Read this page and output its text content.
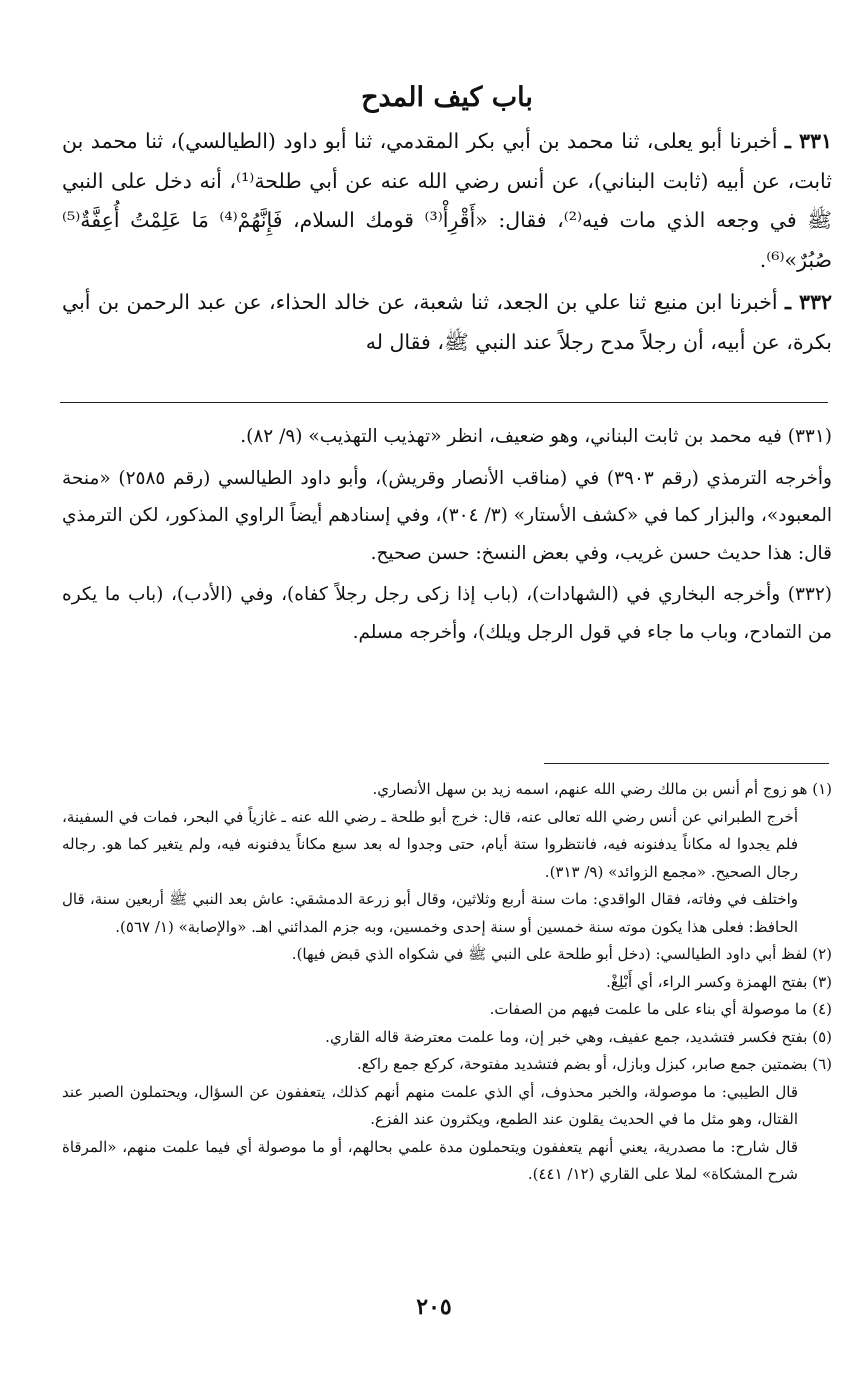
باب كيف المدح

٣٣١ ـ أخبرنا أبو يعلى، ثنا محمد بن أبي بكر المقدمي، ثنا أبو داود (الطيالسي)، ثنا محمد بن ثابت، عن أبيه (ثابت البناني)، عن أنس رضي الله عنه عن أبي طلحة⁽¹⁾، أنه دخل على النبي ﷺ في وجعه الذي مات فيه⁽²⁾، فقال: «أَقْرِأْ⁽³⁾ قومك السلام، فَإِنَّهُمْ⁽⁴⁾ مَا عَلِمْتُ أُعِفَّةٌ⁽⁵⁾ صُبُرٌ»⁽⁶⁾.

٣٣٢ ـ أخبرنا ابن منيع ثنا علي بن الجعد، ثنا شعبة، عن خالد الحذاء، عن عبد الرحمن بن أبي بكرة، عن أبيه، أن رجلاً مدح رجلاً عند النبي ﷺ، فقال له

(٣٣١) فيه محمد بن ثابت البناني، وهو ضعيف، انظر «تهذيب التهذيب» (٩/ ٨٢).

وأخرجه الترمذي (رقم ٣٩٠٣) في (مناقب الأنصار وقريش)، وأبو داود الطيالسي (رقم ٢٥٨٥) «منحة المعبود»، والبزار كما في «كشف الأستار» (٣/ ٣٠٤)، وفي إسنادهم أيضاً الراوي المذكور، لكن الترمذي قال: هذا حديث حسن غريب، وفي بعض النسخ: حسن صحيح.

(٣٣٢) وأخرجه البخاري في (الشهادات)، (باب إذا زكى رجل رجلاً كفاه)، وفي (الأدب)، (باب ما يكره من التمادح، وباب ما جاء في قول الرجل ويلك)، وأخرجه مسلم.

(١) هو زوج أم أنس بن مالك رضي الله عنهم، اسمه زيد بن سهل الأنصاري.

أخرج الطبراني عن أنس رضي الله تعالى عنه، قال: خرج أبو طلحة ـ رضي الله عنه ـ غازياً في البحر، فمات في السفينة، فلم يجدوا له مكاناً يدفنونه فيه، فانتظروا ستة أيام، حتى وجدوا له بعد سبع مكاناً يدفنونه فيه، ولم يتغير كما هو. رجاله رجال الصحيح. «مجمع الزوائد» (٩/ ٣١٣).

واختلف في وفاته، فقال الواقدي: مات سنة أربع وثلاثين، وقال أبو زرعة الدمشقي: عاش بعد النبي ﷺ أربعين سنة، قال الحافظ: فعلى هذا يكون موته سنة خمسين أو سنة إحدى وخمسين، وبه جزم المدائني اهـ. «والإصابة» (١/ ٥٦٧).

(٢) لفظ أبي داود الطيالسي: (دخل أبو طلحة على النبي ﷺ في شكواه الذي قبض فيها).

(٣) بفتح الهمزة وكسر الراء، أي أَبْلِغْ.

(٤) ما موصولة أي بناء على ما علمت فيهم من الصفات.

(٥) بفتح فكسر فتشديد، جمع عفيف، وهي خبر إن، وما علمت معترضة قاله القاري.

(٦) بضمتين جمع صابر، كبزل وبازل، أو بضم فتشديد مفتوحة، كركع جمع راكع.

قال الطيبي: ما موصولة، والخبر محذوف، أي الذي علمت منهم أنهم كذلك، يتعففون عن السؤال، ويحتملون الصبر عند القتال، وهو مثل ما في الحديث يقلون عند الطمع، ويكثرون عند الفزع.

قال شارح: ما مصدرية، يعني أنهم يتعففون ويتحملون مدة علمي بحالهم، أو ما موصولة أي فيما علمت منهم، «المرقاة شرح المشكاة» لملا على القاري (١٢/ ٤٤١).

٢٠٥
